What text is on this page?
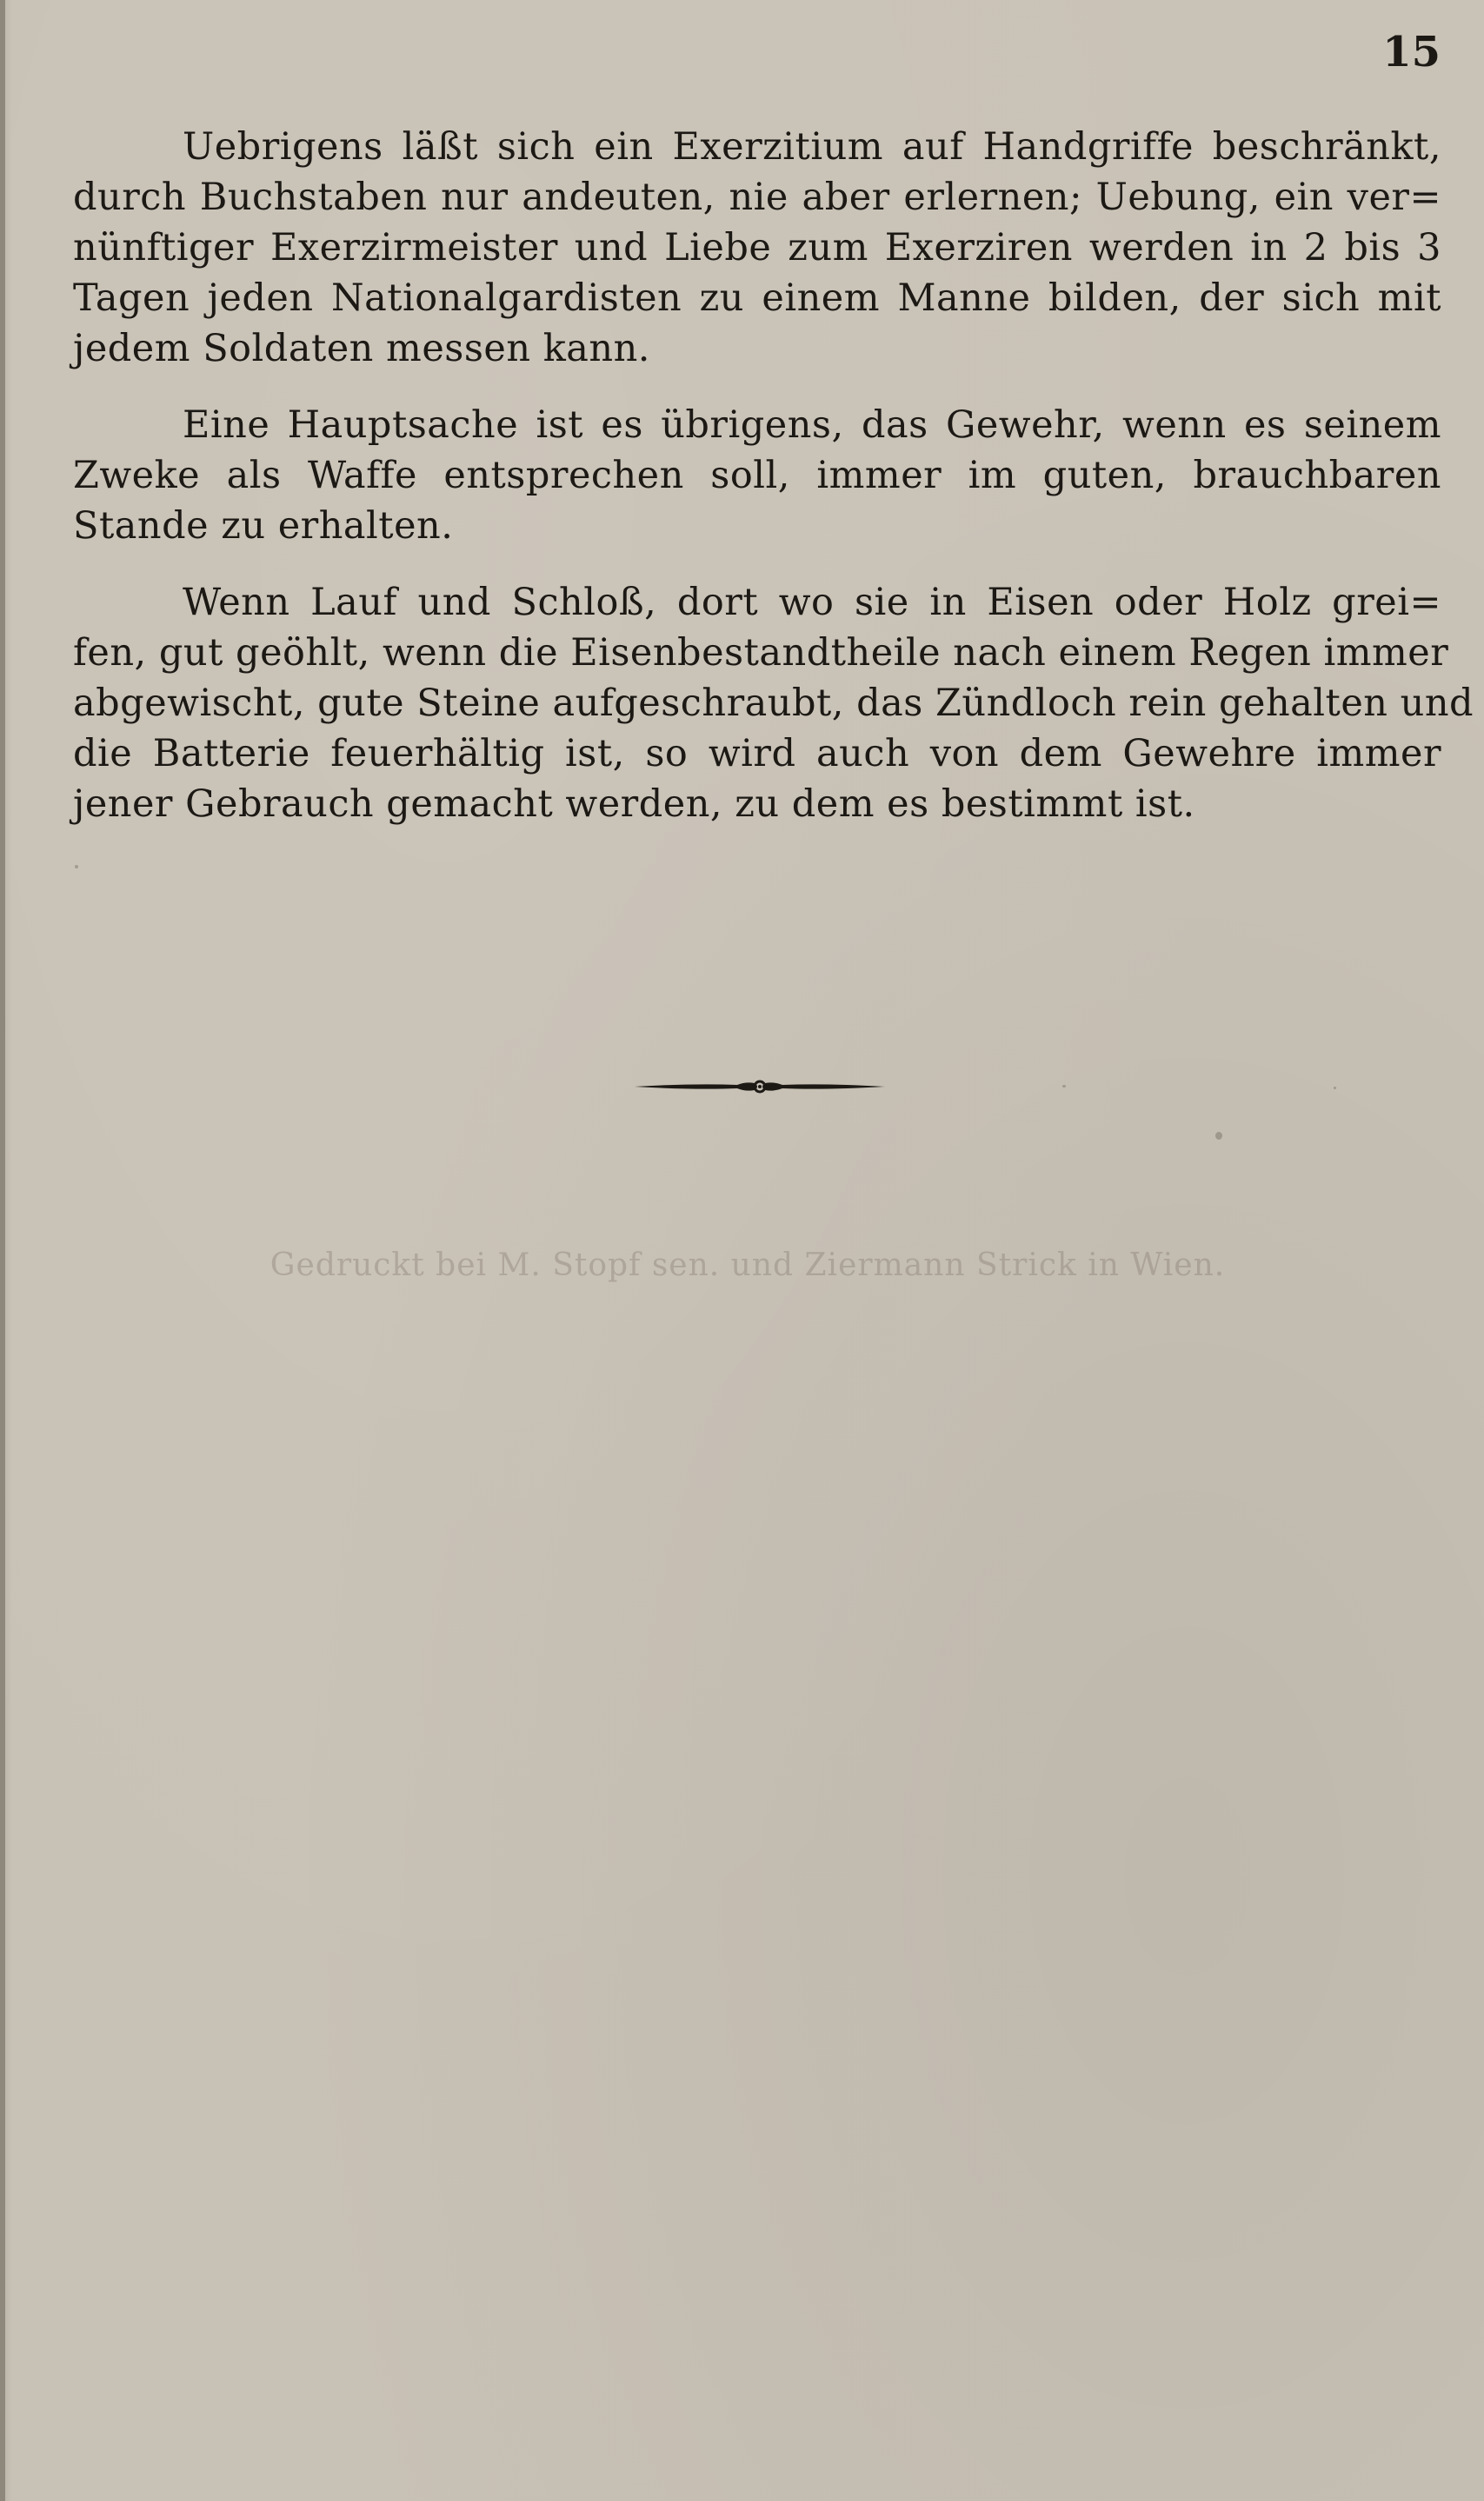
15

Uebrigens läßt sich ein Exerzitium auf Handgriffe beschränkt,
durch Buchstaben nur andeuten, nie aber erlernen; Uebung, ein ver=
nünftiger Exerzirmeister und Liebe zum Exerziren werden in 2 bis 3
Tagen jeden Nationalgardisten zu einem Manne bilden, der sich mit
jedem Soldaten messen kann.

Eine Hauptsache ist es übrigens, das Gewehr, wenn es seinem
Zweke als Waffe entsprechen soll, immer im guten, brauchbaren
Stande zu erhalten.

Wenn Lauf und Schloß, dort wo sie in Eisen oder Holz grei=
fen, gut geöhlt, wenn die Eisenbestandtheile nach einem Regen immer
abgewischt, gute Steine aufgeschraubt, das Zündloch rein gehalten und
die Batterie feuerhältig ist, so wird auch von dem Gewehre immer
jener Gebrauch gemacht werden, zu dem es bestimmt ist.

Gedruckt bei M. Stopf sen. und Ziermann Strick in Wien.
